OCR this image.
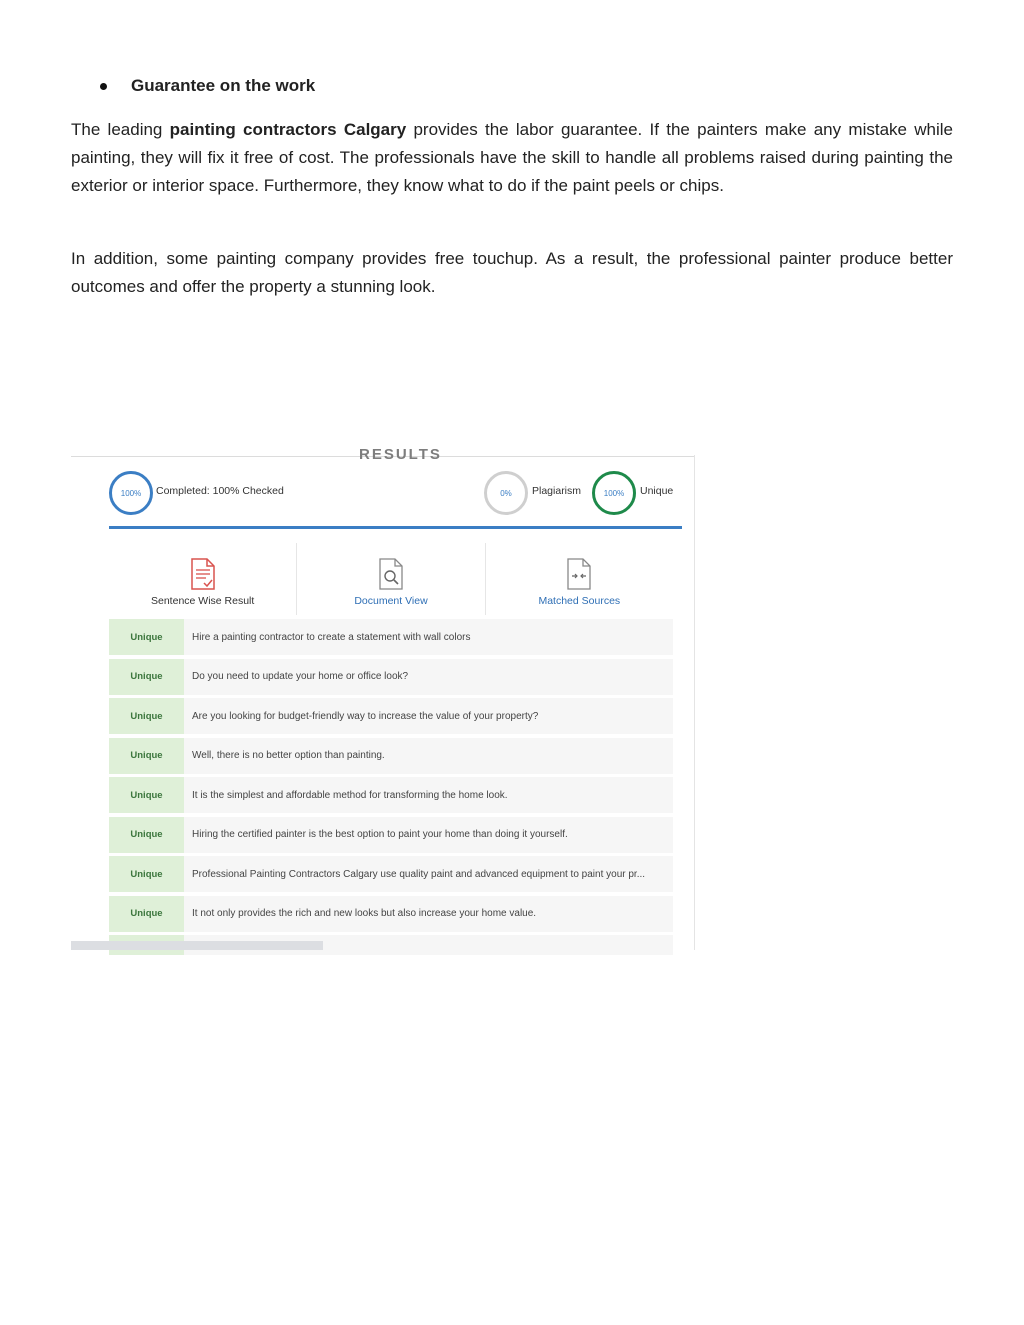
Guarantee on the work

The leading painting contractors Calgary provides the labor guarantee. If the painters make any mistake while painting, they will fix it free of cost. The professionals have the skill to handle all problems raised during painting the exterior or interior space. Furthermore, they know what to do if the paint peels or chips.

In addition, some painting company provides free touchup. As a result, the professional painter produce better outcomes and offer the property a stunning look.

RESULTS
100%	Completed: 100% Checked	0%	Plagiarism	100%	Unique
Sentence Wise Result	Document View	Matched Sources
Unique	Hire a painting contractor to create a statement with wall colors
Unique	Do you need to update your home or office look?
Unique	Are you looking for budget-friendly way to increase the value of your property?
Unique	Well, there is no better option than painting.
Unique	It is the simplest and affordable method for transforming the home look.
Unique	Hiring the certified painter is the best option to paint your home than doing it yourself.
Unique	Professional Painting Contractors Calgary use quality paint and advanced equipment to paint your pr...
Unique	It not only provides the rich and new looks but also increase your home value.
